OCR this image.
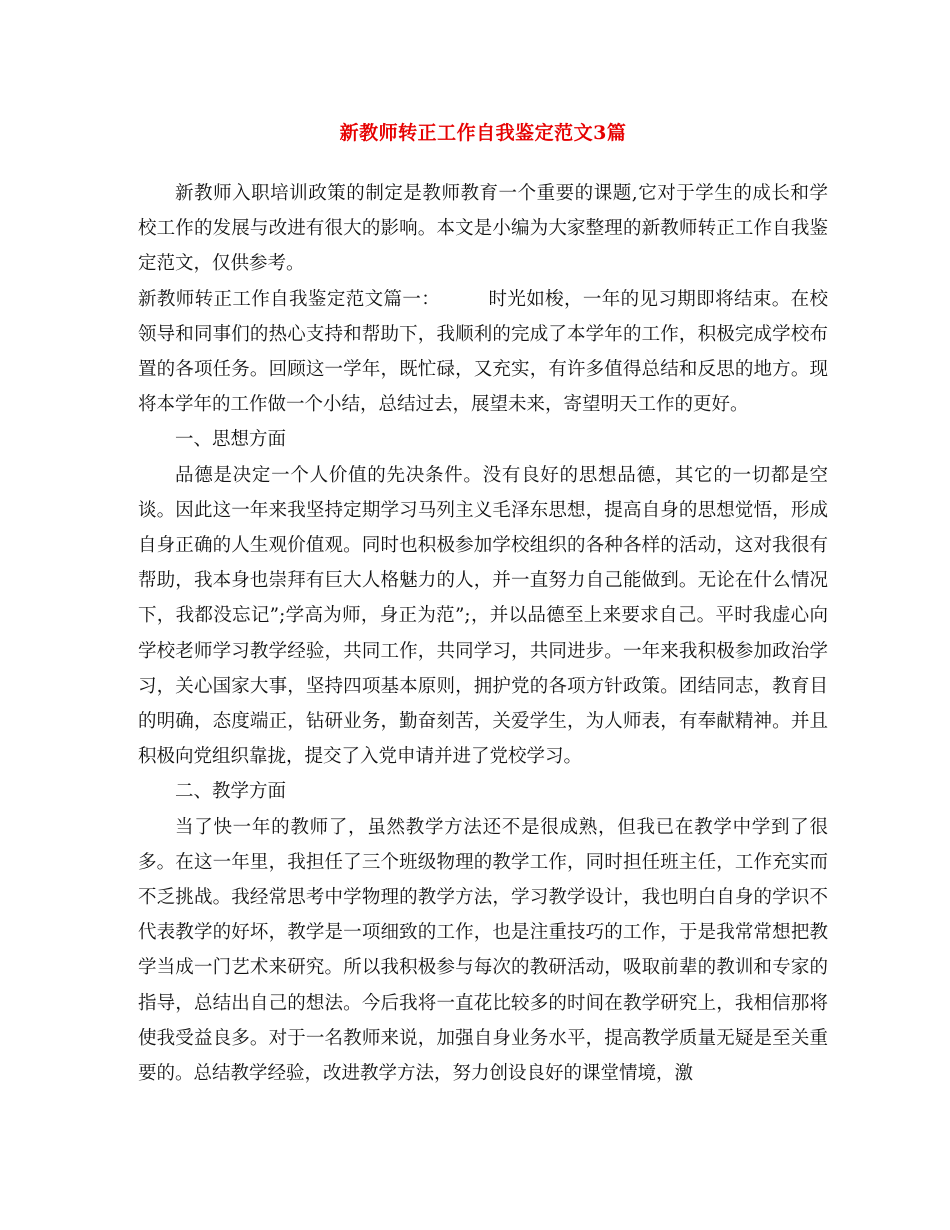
新教师转正工作自我鉴定范文3篇

新教师入职培训政策的制定是教师教育一个重要的课题,它对于学生的成长和学校工作的发展与改进有很大的影响。本文是小编为大家整理的新教师转正工作自我鉴定范文，仅供参考。

新教师转正工作自我鉴定范文篇一：	时光如梭，一年的见习期即将结束。在校领导和同事们的热心支持和帮助下，我顺利的完成了本学年的工作，积极完成学校布置的各项任务。回顾这一学年，既忙碌，又充实，有许多值得总结和反思的地方。现将本学年的工作做一个小结，总结过去，展望未来，寄望明天工作的更好。

一、思想方面

品德是决定一个人价值的先决条件。没有良好的思想品德，其它的一切都是空谈。因此这一年来我坚持定期学习马列主义毛泽东思想，提高自身的思想觉悟，形成自身正确的人生观价值观。同时也积极参加学校组织的各种各样的活动，这对我很有帮助，我本身也崇拜有巨大人格魅力的人，并一直努力自己能做到。无论在什么情况下，我都没忘记”;学高为师，身正为范”;，并以品德至上来要求自己。平时我虚心向学校老师学习教学经验，共同工作，共同学习，共同进步。一年来我积极参加政治学习，关心国家大事，坚持四项基本原则，拥护党的各项方针政策。团结同志，教育目的明确，态度端正，钻研业务，勤奋刻苦，关爱学生，为人师表，有奉献精神。并且积极向党组织靠拢，提交了入党申请并进了党校学习。

二、教学方面

当了快一年的教师了，虽然教学方法还不是很成熟，但我已在教学中学到了很多。在这一年里，我担任了三个班级物理的教学工作，同时担任班主任，工作充实而不乏挑战。我经常思考中学物理的教学方法，学习教学设计，我也明白自身的学识不代表教学的好坏，教学是一项细致的工作，也是注重技巧的工作，于是我常常想把教学当成一门艺术来研究。所以我积极参与每次的教研活动，吸取前辈的教训和专家的指导，总结出自己的想法。今后我将一直花比较多的时间在教学研究上，我相信那将使我受益良多。对于一名教师来说，加强自身业务水平，提高教学质量无疑是至关重要的。总结教学经验，改进教学方法，努力创设良好的课堂情境，激
